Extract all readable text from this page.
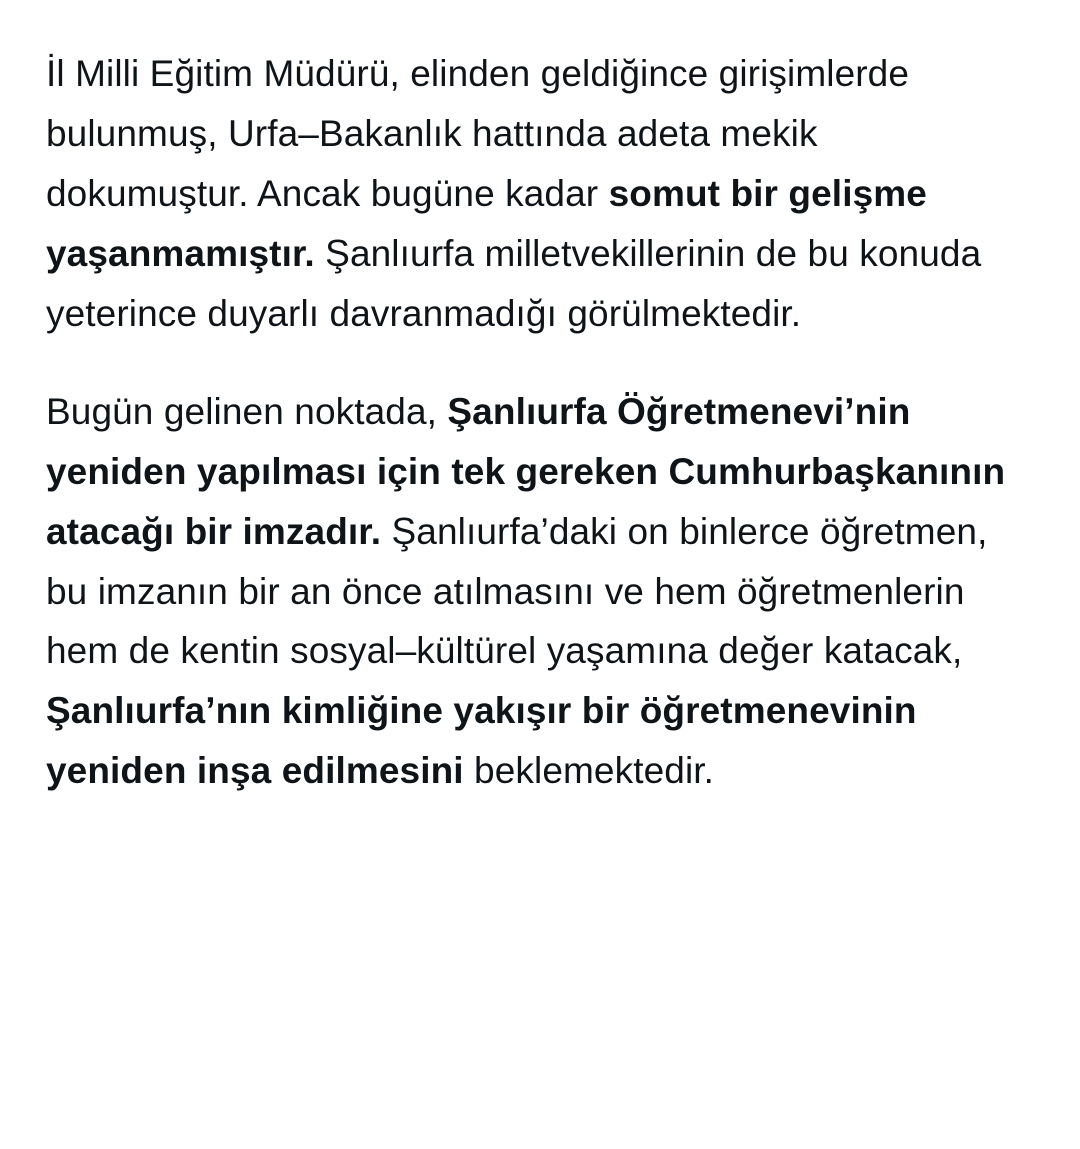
İl Milli Eğitim Müdürü, elinden geldiğince girişimlerde bulunmuş, Urfa–Bakanlık hattında adeta mekik dokumuştur. Ancak bugüne kadar somut bir gelişme yaşanmamıştır. Şanlıurfa milletvekillerinin de bu konuda yeterince duyarlı davranmadığı görülmektedir.

Bugün gelinen noktada, Şanlıurfa Öğretmenevi’nin yeniden yapılması için tek gereken Cumhurbaşkanının atacağı bir imzadır. Şanlıurfa’daki on binlerce öğretmen, bu imzanın bir an önce atılmasını ve hem öğretmenlerin hem de kentin sosyal–kültürel yaşamına değer katacak, Şanlıurfa’nın kimliğine yakışır bir öğretmenevinin yeniden inşa edilmesini beklemektedir.
